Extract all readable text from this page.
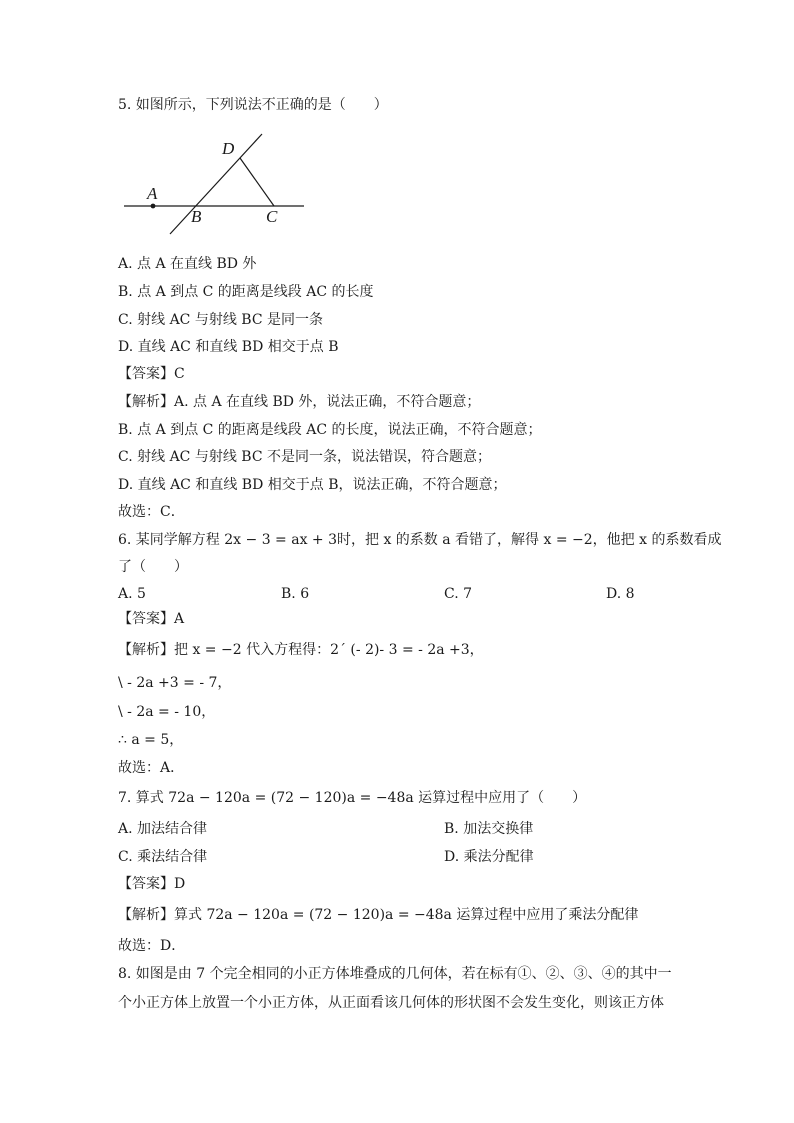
5. 如图所示，下列说法不正确的是（　　）
A
B	C
D
A. 点 A 在直线 BD 外
B. 点 A 到点 C 的距离是线段 AC 的长度
C. 射线 AC 与射线 BC 是同一条
D. 直线 AC 和直线 BD 相交于点 B
【答案】C
【解析】A. 点 A 在直线 BD 外，说法正确，不符合题意；
B. 点 A 到点 C 的距离是线段 AC 的长度，说法正确，不符合题意；
C. 射线 AC 与射线 BC 不是同一条，说法错误，符合题意；
D. 直线 AC 和直线 BD 相交于点 B，说法正确，不符合题意；
故选：C．
6. 某同学解方程 2x − 3 = ax + 3时，把 x 的系数 a 看错了，解得 x = −2，他把 x 的系数看成
了（　　）
A. 5	B. 6	C. 7	D. 8
【答案】A
【解析】把 x = −2 代入方程得：2´ (- 2)- 3 = - 2a +3，
\ - 2a +3 = - 7，
\ - 2a = - 10，
∴ a = 5，
故选：A．
7. 算式 72a − 120a = (72 − 120)a = −48a 运算过程中应用了（　　）
A. 加法结合律	B. 加法交换律
C. 乘法结合律	D. 乘法分配律
【答案】D
【解析】算式 72a − 120a = (72 − 120)a = −48a 运算过程中应用了乘法分配律
故选：D．
8. 如图是由 7 个完全相同的小正方体堆叠成的几何体，若在标有①、②、③、④的其中一
个小正方体上放置一个小正方体，从正面看该几何体的形状图不会发生变化，则该正方体
